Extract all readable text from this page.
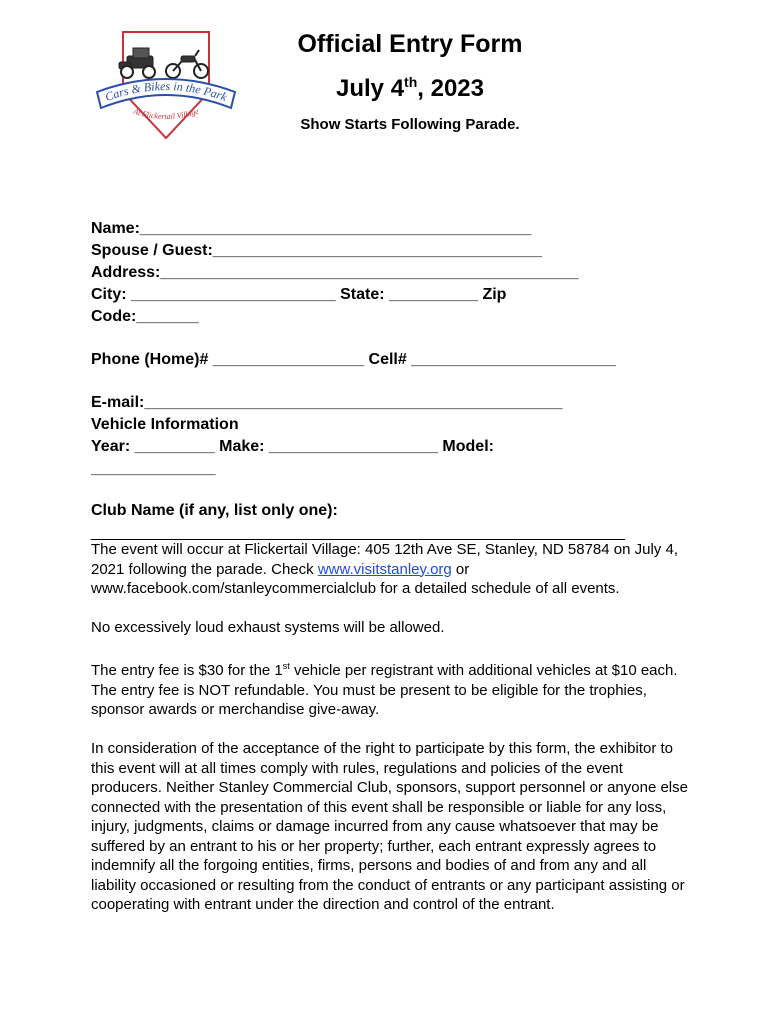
Cars & Bikes in the Park
At Flickertail Village
Official Entry Form
July 4th, 2023
Show Starts Following Parade.
Name:____________________________________________
Spouse / Guest:_____________________________________
Address:_______________________________________________
City: _______________________ State: __________ Zip
Code:_______
Phone (Home)# _________________ Cell# _______________________
E-mail:_______________________________________________
Vehicle Information
Year: _________ Make: ___________________ Model:
______________
Club Name (if any, list only one):
____________________________________________________________

The event will occur at Flickertail Village: 405 12th Ave SE, Stanley, ND 58784 on July 4, 2021 following the parade. Check www.visitstanley.org or www.facebook.com/stanleycommercialclub for a detailed schedule of all events.

No excessively loud exhaust systems will be allowed.

The entry fee is $30 for the 1st vehicle per registrant with additional vehicles at $10 each. The entry fee is NOT refundable. You must be present to be eligible for the trophies, sponsor awards or merchandise give-away.

In consideration of the acceptance of the right to participate by this form, the exhibitor to this event will at all times comply with rules, regulations and policies of the event producers. Neither Stanley Commercial Club, sponsors, support personnel or anyone else connected with the presentation of this event shall be responsible or liable for any loss, injury, judgments, claims or damage incurred from any cause whatsoever that may be suffered by an entrant to his or her property; further, each entrant expressly agrees to indemnify all the forgoing entities, firms, persons and bodies of and from any and all liability occasioned or resulting from the conduct of entrants or any participant assisting or cooperating with entrant under the direction and control of the entrant.
